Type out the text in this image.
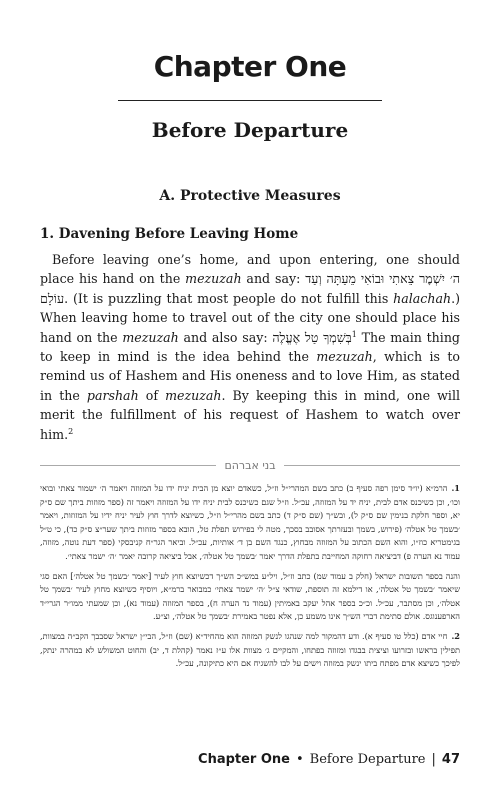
Chapter One
Before Departure
A. Protective Measures
1. Davening Before Leaving Home

Before leaving one’s home, and upon entering, one should place his hand on the mezuzah and say: ה׳ יִשְׁמׇר צֵאתִי וּבוֹאִי מֵעַתָּה וְעַד עוֹלָם. (It is puzzling that most people do not fulfill this halachah.) When leaving home to travel out of the city one should place his hand on the mezuzah and also say: בְּשִׁמְךָ טַל אֶעֱלֶה$^1$ The main thing to keep in mind is the idea behind the mezuzah, which is to remind us of Hashem and His oneness and to love Him, as stated in the parshah of mezuzah. By keeping this in mind, one will merit the fulfillment of his request of Hashem to watch over him.$^2$

בני אברהם

1.הרמ״א (יו״ד סימן רפה סעיף ב) כתב בשם המהרי״ל וז״ל, כשאדם יוצא מן הבית יניח ידו על המזוזה ויאמר ה׳ ישמור צאתי ובואי וכו׳, וכן כשיכנס אדם לבית, יניח יד על המזוזה, עכ״ל. וז״ל שגם כשיכנס לבית יניח ידו על המזוזה ויאמר זה (ספר מזוזות ביתך שם ס״ק יא, וספר חלקת בנימין שם ס״ק ל), ובש״ך (שם ס״ק ד) כתב בשם מהרי״ל וז״ל, כשיוצא לדרך חוץ לעיר יניח ידיו על המזוזות, ויאמר ׳בשמך טל אטלה׳ (פירוש, בשמך ובעזרתך אסובב בסכך, מטה לי בפירוש תפלת טל, הובא בספר מזוזות ביתך שער״צ ס״ק כד), כי ט״ל בגימטריא כוז״ו, והוא השם הכתוב על המזוזה מבחוץ, כנגד השם בן ד׳ אותיות, עכ״ל. וביאר הגר״ח קניבסקי (ספר דעת נוטה, מזוזה, עמוד נא הערה פ) דביציאה רחוקה המחייבת בתפלת הדרך יאמר ׳בשמך טל אטלה׳, אבל ביציאה קרובה יאמר ׳ה׳ ישמר צאתי׳.

והנה בספר תשובות ישראל (חלק ב עמוד שמ) כתב וז״ל, ויל״ע במש״כ הש״ך דכשיוצא חוץ לעיר [יאמר ׳בשמך טל אטלה׳] האם סגי שיאמר ׳בשמך טל אטלה׳, או דילמא זה תוספת, שודאי צ״ל ׳ה׳ ישמר צאתי׳ כמבואר ברמ״א, ויוסיף כשיוצא מחוץ לעיר ׳בשמך טל אטלה׳, וכן מסתבר, עכ״ל. וכ״כ בספר אהל יעקב באמיתין (עמוד נד הערה ח), בספר המזוזה (עמוד נא), וכן שמעתי ממו״ר הגרי״ד הארפענוגס. אולם סתימת דברי הש״ך אינו משמע כן, אלא נפטר באמירת ׳בשמך טל אטלה׳, וצ״ע.

2.חיי אדם (כלל טו סעיף א). ודע דהמקור למה שנהגו לנשק המזוזה הוא מהחיד״א (שם) וז״ל, הבי״ן ישראל שסבבך הקב״ה במצוות, תפילין בראשו ובזרועו וציצית בבגדו ומזוזה בפתחו, והמקיים ג׳ מצוות אלו ע״ז נאמר (קהלת ד, יב) והחוט המשולש לא במהרה ינתק, לפיכך כשיצא אדם מפתח ביתו ינשק במזוזה וישים על לבו להשגיח אם היא כתיקונה, עכ״ל.

Chapter One • Before Departure | 47
